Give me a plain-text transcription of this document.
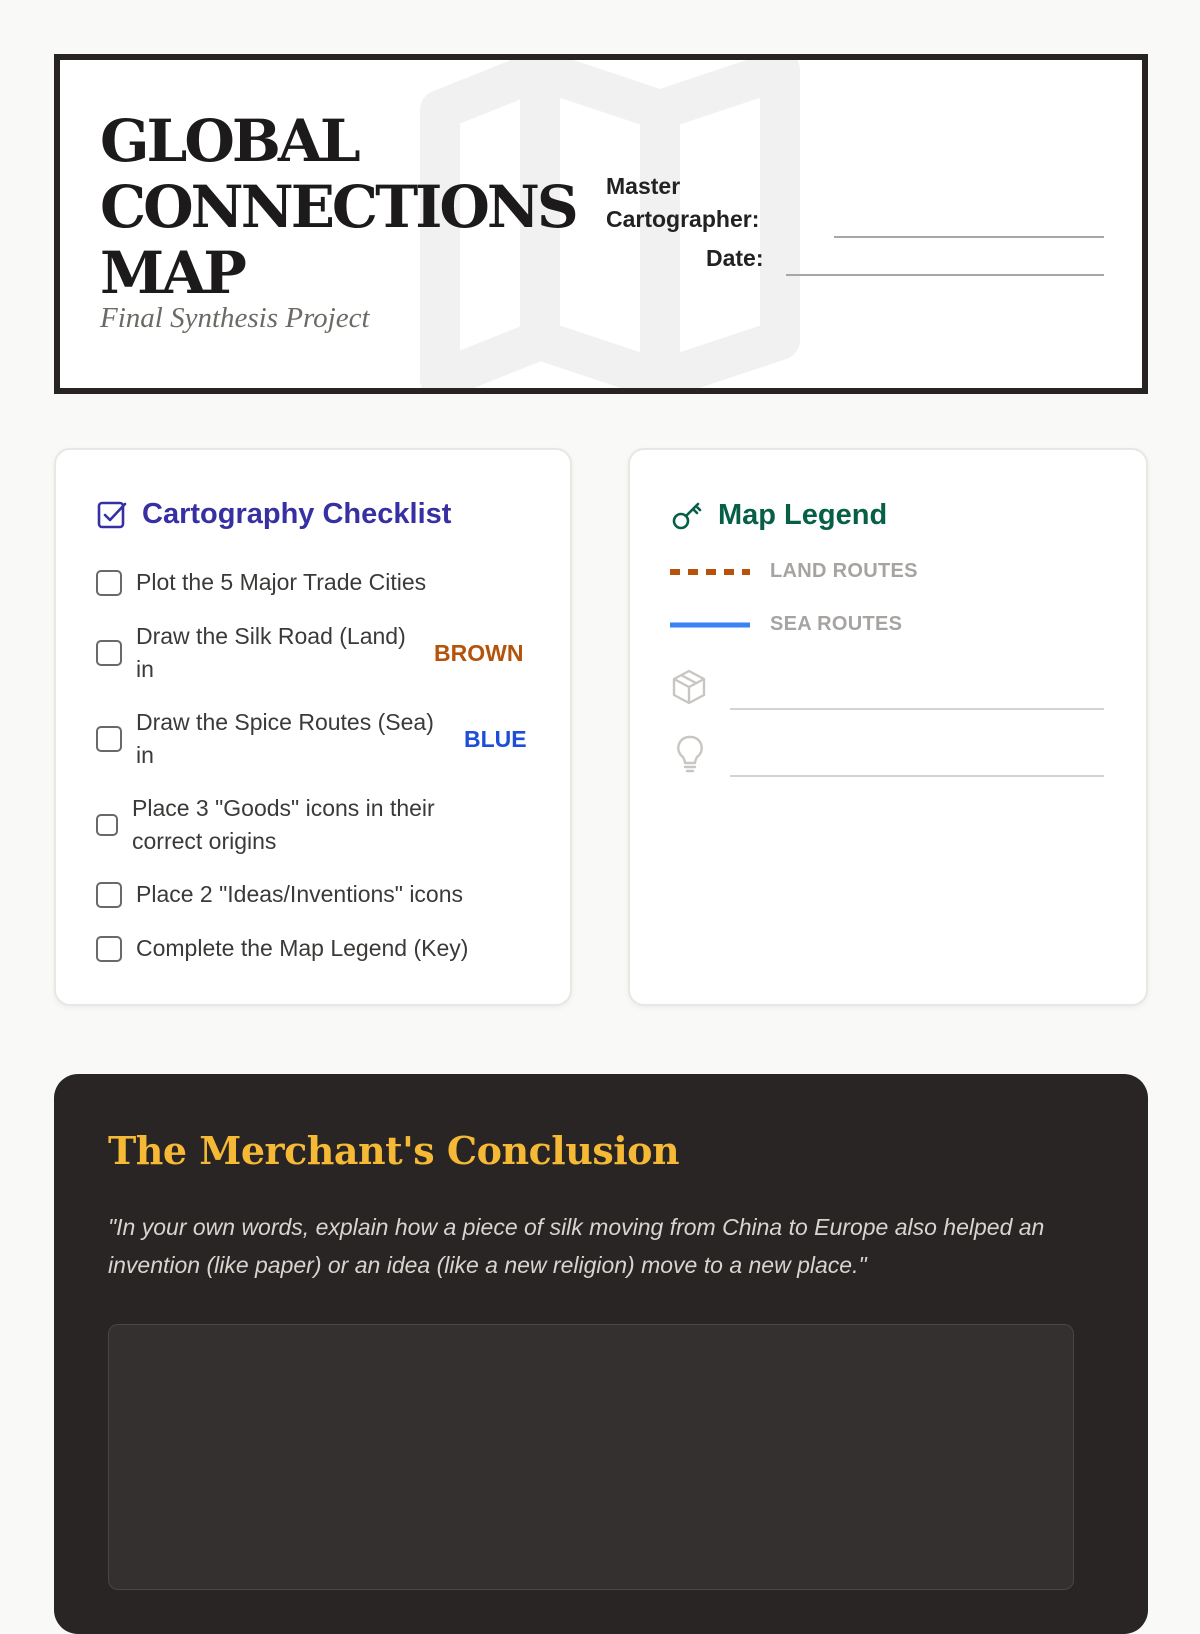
GLOBAL CONNECTIONS MAP
Final Synthesis Project
Master
Cartographer:
Date:
Cartography Checklist
Plot the 5 Major Trade Cities
Draw the Silk Road (Land) in
BROWN
Draw the Spice Routes (Sea) in
BLUE
Place 3 "Goods" icons in their correct origins
Place 2 "Ideas/Inventions" icons
Complete the Map Legend (Key)
Map Legend
LAND ROUTES
SEA ROUTES
The Merchant's Conclusion
"In your own words, explain how a piece of silk moving from China to Europe also helped an invention (like paper) or an idea (like a new religion) move to a new place."
